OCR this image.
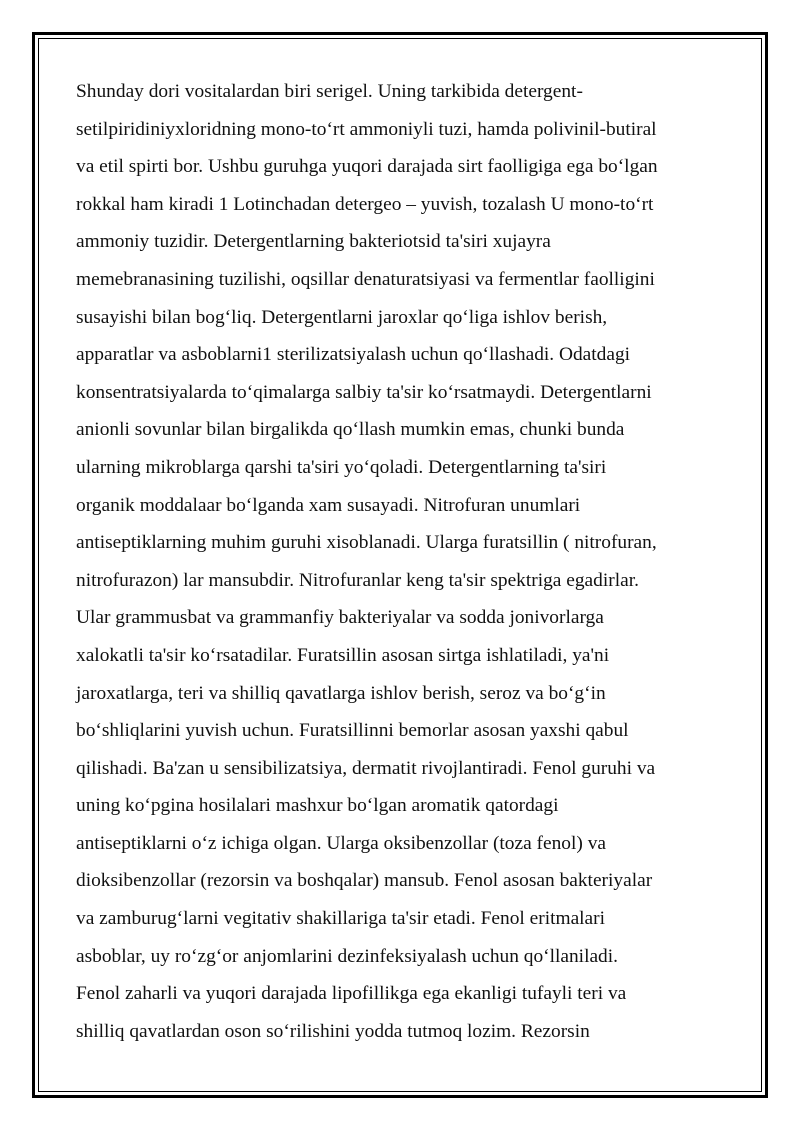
Shunday dori vositalardan biri serigel. Uning tarkibida detergent-
setilpiridiniyxloridning mono-to‘rt ammoniyli tuzi, hamda polivinil-butiral
va etil spirti bor. Ushbu guruhga yuqori darajada sirt faolligiga ega bo‘lgan
rokkal ham kiradi 1 Lotinchadan detergeo – yuvish, tozalash U mono-to‘rt
ammoniy tuzidir. Detergentlarning bakteriotsid ta'siri xujayra
memebranasining tuzilishi, oqsillar denaturatsiyasi va fermentlar faolligini
susayishi bilan bog‘liq. Detergentlarni jaroxlar qo‘liga ishlov berish,
apparatlar va asboblarni1 sterilizatsiyalash uchun qo‘llashadi. Odatdagi
konsentratsiyalarda to‘qimalarga salbiy ta'sir ko‘rsatmaydi. Detergentlarni
anionli sovunlar bilan birgalikda qo‘llash mumkin emas, chunki bunda
ularning mikroblarga qarshi ta'siri yo‘qoladi. Detergentlarning ta'siri
organik moddalaar bo‘lganda xam susayadi. Nitrofuran unumlari
antiseptiklarning muhim guruhi xisoblanadi. Ularga furatsillin ( nitrofuran,
nitrofurazon) lar mansubdir. Nitrofuranlar keng ta'sir spektriga egadirlar.
Ular grammusbat va grammanfiy bakteriyalar va sodda jonivorlarga
xalokatli ta'sir ko‘rsatadilar. Furatsillin asosan sirtga ishlatiladi, ya'ni
jaroxatlarga, teri va shilliq qavatlarga ishlov berish, seroz va bo‘g‘in
bo‘shliqlarini yuvish uchun. Furatsillinni bemorlar asosan yaxshi qabul
qilishadi. Ba'zan u sensibilizatsiya, dermatit rivojlantiradi. Fenol guruhi va
uning ko‘pgina hosilalari mashxur bo‘lgan aromatik qatordagi
antiseptiklarni o‘z ichiga olgan. Ularga oksibenzollar (toza fenol) va
dioksibenzollar (rezorsin va boshqalar) mansub. Fenol asosan bakteriyalar
va zamburug‘larni vegitativ shakillariga ta'sir etadi. Fenol eritmalari
asboblar, uy ro‘zg‘or anjomlarini dezinfeksiyalash uchun qo‘llaniladi.
Fenol zaharli va yuqori darajada lipofillikga ega ekanligi tufayli teri va
shilliq qavatlardan oson so‘rilishini yodda tutmoq lozim. Rezorsin
